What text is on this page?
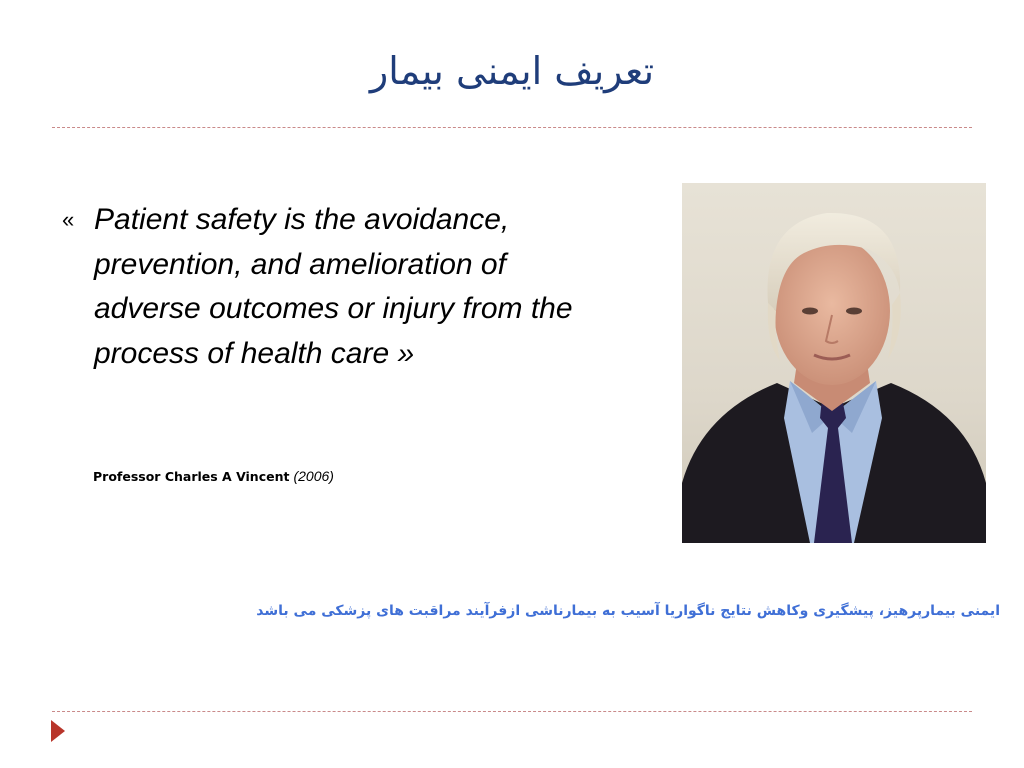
تعریف ایمنی بیمار

« Patient safety is the avoidance, prevention, and amelioration of adverse outcomes or injury from the process of health care »

Professor Charles A Vincent (2006)
ایمنی بیمارپرهیز، پیشگیری وکاهش نتایج ناگواریا آسیب به بیمارناشی ازفرآیند مراقبت های پزشکی می باشد
